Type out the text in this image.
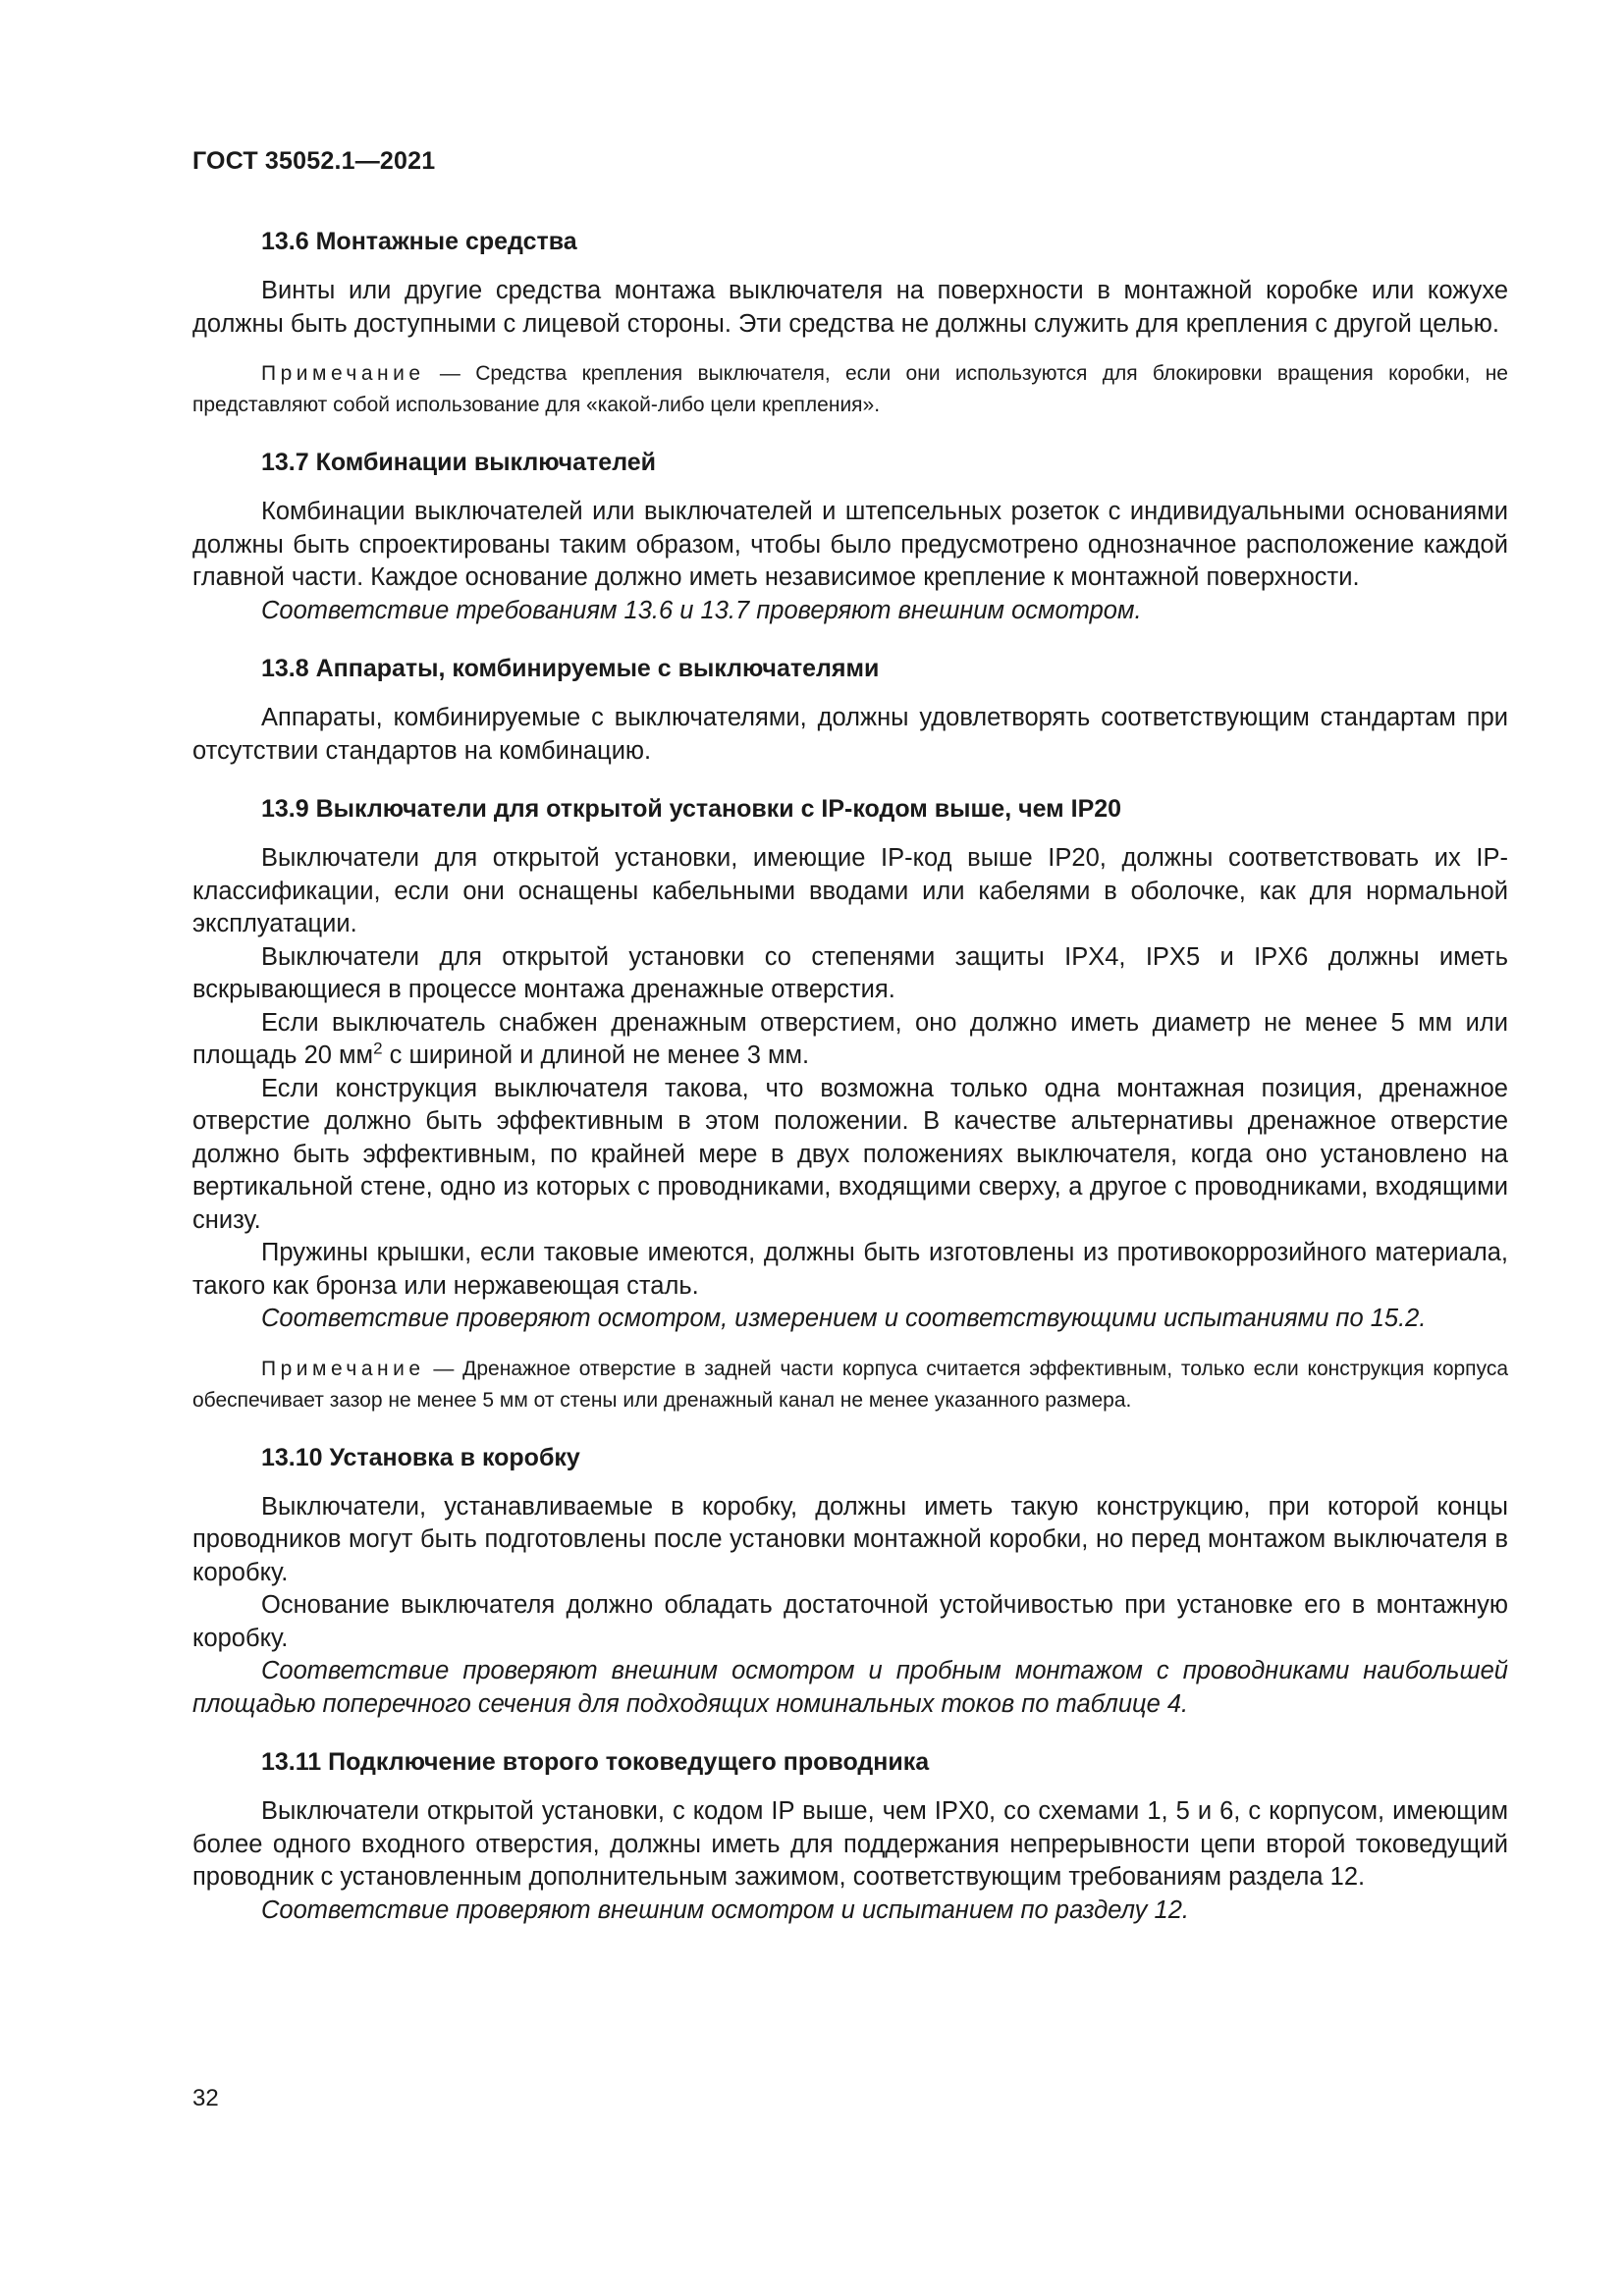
ГОСТ 35052.1—2021
13.6 Монтажные средства

Винты или другие средства монтажа выключателя на поверхности в монтажной коробке или кожухе должны быть доступными с лицевой стороны. Эти средства не должны служить для крепления с другой целью.

Примечание — Средства крепления выключателя, если они используются для блокировки вращения коробки, не представляют собой использование для «какой-либо цели крепления».

13.7 Комбинации выключателей

Комбинации выключателей или выключателей и штепсельных розеток с индивидуальными основаниями должны быть спроектированы таким образом, чтобы было предусмотрено однозначное расположение каждой главной части. Каждое основание должно иметь независимое крепление к монтажной поверхности.

Соответствие требованиям 13.6 и 13.7 проверяют внешним осмотром.

13.8 Аппараты, комбинируемые с выключателями

Аппараты, комбинируемые с выключателями, должны удовлетворять соответствующим стандартам при отсутствии стандартов на комбинацию.

13.9 Выключатели для открытой установки с IP-кодом выше, чем IP20

Выключатели для открытой установки, имеющие IP-код выше IP20, должны соответствовать их IP-классификации, если они оснащены кабельными вводами или кабелями в оболочке, как для нормальной эксплуатации.

Выключатели для открытой установки со степенями защиты IPX4, IPX5 и IPX6 должны иметь вскрывающиеся в процессе монтажа дренажные отверстия.

Если выключатель снабжен дренажным отверстием, оно должно иметь диаметр не менее 5 мм или площадь 20 $мм^2$ с шириной и длиной не менее 3 мм.

Если конструкция выключателя такова, что возможна только одна монтажная позиция, дренажное отверстие должно быть эффективным в этом положении. В качестве альтернативы дренажное отверстие должно быть эффективным, по крайней мере в двух положениях выключателя, когда оно установлено на вертикальной стене, одно из которых с проводниками, входящими сверху, а другое с проводниками, входящими снизу.

Пружины крышки, если таковые имеются, должны быть изготовлены из противокоррозийного материала, такого как бронза или нержавеющая сталь.

Соответствие проверяют осмотром, измерением и соответствующими испытаниями по 15.2.

Примечание — Дренажное отверстие в задней части корпуса считается эффективным, только если конструкция корпуса обеспечивает зазор не менее 5 мм от стены или дренажный канал не менее указанного размера.

13.10 Установка в коробку

Выключатели, устанавливаемые в коробку, должны иметь такую конструкцию, при которой концы проводников могут быть подготовлены после установки монтажной коробки, но перед монтажом выключателя в коробку.

Основание выключателя должно обладать достаточной устойчивостью при установке его в монтажную коробку.

Соответствие проверяют внешним осмотром и пробным монтажом с проводниками наибольшей площадью поперечного сечения для подходящих номинальных токов по таблице 4.

13.11 Подключение второго токоведущего проводника

Выключатели открытой установки, с кодом IP выше, чем IPX0, со схемами 1, 5 и 6, с корпусом, имеющим более одного входного отверстия, должны иметь для поддержания непрерывности цепи второй токоведущий проводник с установленным дополнительным зажимом, соответствующим требованиям раздела 12.

Соответствие проверяют внешним осмотром и испытанием по разделу 12.

32
